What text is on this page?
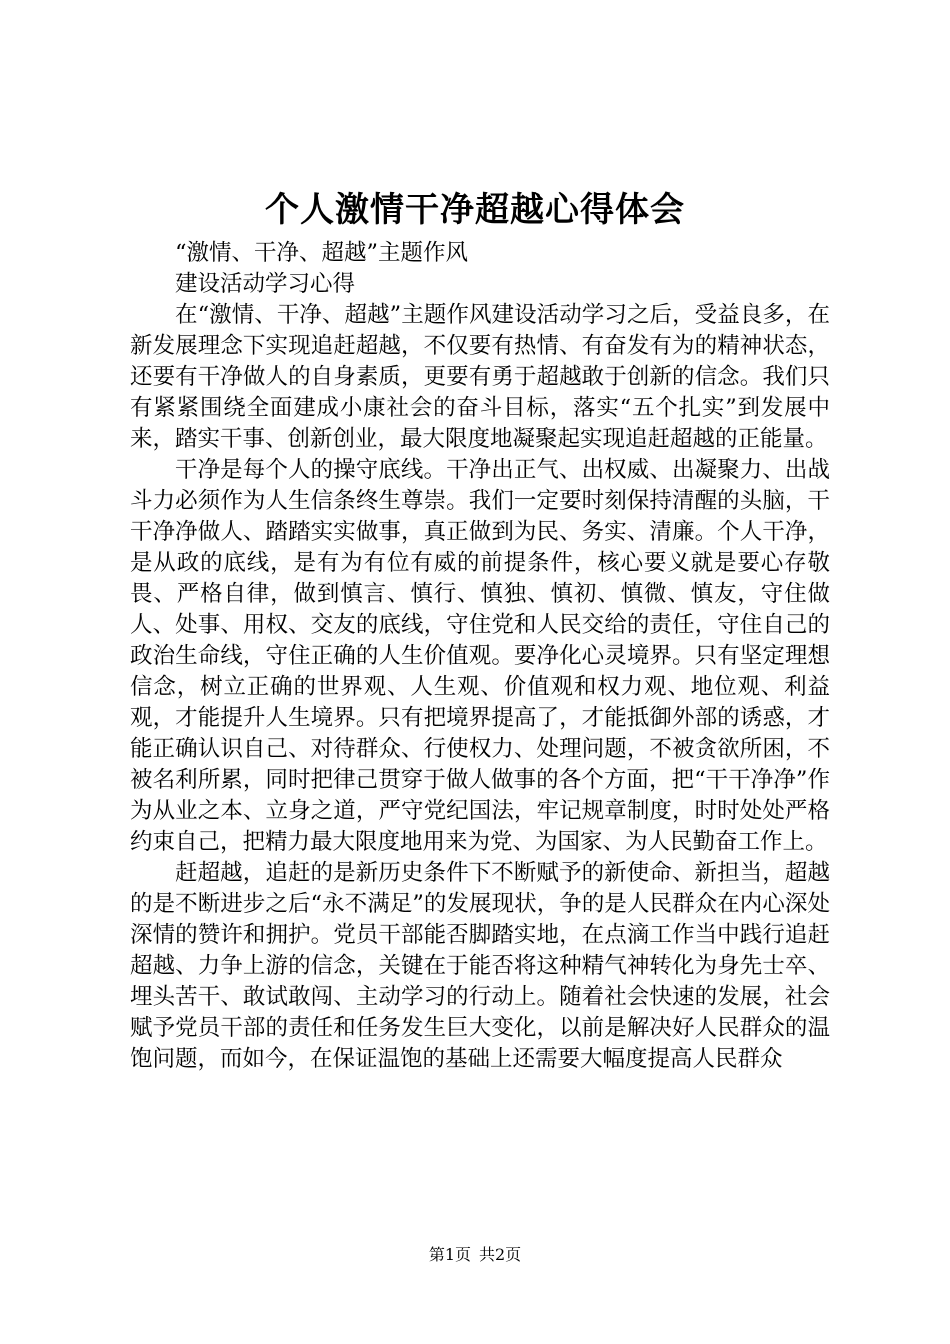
个人激情干净超越心得体会

“激情、干净、超越”主题作风

建设活动学习心得

在“激情、干净、超越”主题作风建设活动学习之后，受益良多，在新发展理念下实现追赶超越，不仅要有热情、有奋发有为的精神状态，还要有干净做人的自身素质，更要有勇于超越敢于创新的信念。我们只有紧紧围绕全面建成小康社会的奋斗目标，落实“五个扎实”到发展中来，踏实干事、创新创业，最大限度地凝聚起实现追赶超越的正能量。

干净是每个人的操守底线。干净出正气、出权威、出凝聚力、出战斗力必须作为人生信条终生尊崇。我们一定要时刻保持清醒的头脑，干干净净做人、踏踏实实做事，真正做到为民、务实、清廉。个人干净，是从政的底线，是有为有位有威的前提条件，核心要义就是要心存敬畏、严格自律，做到慎言、慎行、慎独、慎初、慎微、慎友，守住做人、处事、用权、交友的底线，守住党和人民交给的责任，守住自己的政治生命线，守住正确的人生价值观。要净化心灵境界。只有坚定理想信念，树立正确的世界观、人生观、价值观和权力观、地位观、利益观，才能提升人生境界。只有把境界提高了，才能抵御外部的诱惑，才能正确认识自己、对待群众、行使权力、处理问题，不被贪欲所困，不被名利所累，同时把律己贯穿于做人做事的各个方面，把“干干净净”作为从业之本、立身之道，严守党纪国法，牢记规章制度，时时处处严格约束自己，把精力最大限度地用来为党、为国家、为人民勤奋工作上。

赶超越，追赶的是新历史条件下不断赋予的新使命、新担当，超越的是不断进步之后“永不满足”的发展现状，争的是人民群众在内心深处深情的赞许和拥护。党员干部能否脚踏实地，在点滴工作当中践行追赶超越、力争上游的信念，关键在于能否将这种精气神转化为身先士卒、埋头苦干、敢试敢闯、主动学习的行动上。随着社会快速的发展，社会赋予党员干部的责任和任务发生巨大变化，以前是解决好人民群众的温饱问题，而如今，在保证温饱的基础上还需要大幅度提高人民群众

第1页 共2页
